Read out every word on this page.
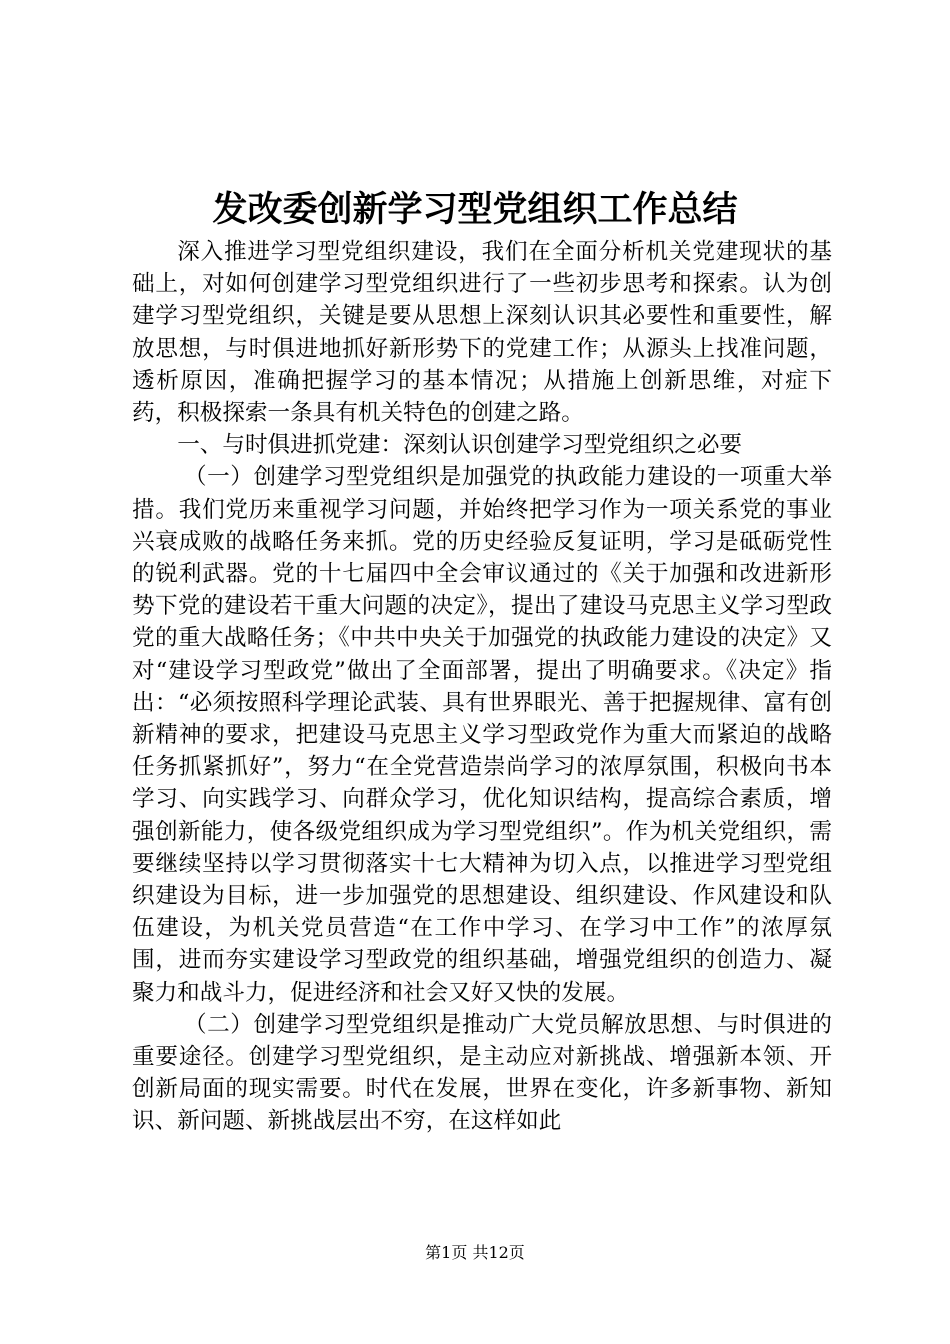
发改委创新学习型党组织工作总结

深入推进学习型党组织建设，我们在全面分析机关党建现状的基础上，对如何创建学习型党组织进行了一些初步思考和探索。认为创建学习型党组织，关键是要从思想上深刻认识其必要性和重要性，解放思想，与时俱进地抓好新形势下的党建工作；从源头上找准问题，透析原因，准确把握学习的基本情况；从措施上创新思维，对症下药，积极探索一条具有机关特色的创建之路。

一、与时俱进抓党建：深刻认识创建学习型党组织之必要

（一）创建学习型党组织是加强党的执政能力建设的一项重大举措。我们党历来重视学习问题，并始终把学习作为一项关系党的事业兴衰成败的战略任务来抓。党的历史经验反复证明，学习是砥砺党性的锐利武器。党的十七届四中全会审议通过的《关于加强和改进新形势下党的建设若干重大问题的决定》，提出了建设马克思主义学习型政党的重大战略任务；《中共中央关于加强党的执政能力建设的决定》又对“建设学习型政党”做出了全面部署，提出了明确要求。《决定》指出：“必须按照科学理论武装、具有世界眼光、善于把握规律、富有创新精神的要求，把建设马克思主义学习型政党作为重大而紧迫的战略任务抓紧抓好”，努力“在全党营造崇尚学习的浓厚氛围，积极向书本学习、向实践学习、向群众学习，优化知识结构，提高综合素质，增强创新能力，使各级党组织成为学习型党组织”。作为机关党组织，需要继续坚持以学习贯彻落实十七大精神为切入点，以推进学习型党组织建设为目标，进一步加强党的思想建设、组织建设、作风建设和队伍建设，为机关党员营造“在工作中学习、在学习中工作”的浓厚氛围，进而夯实建设学习型政党的组织基础，增强党组织的创造力、凝聚力和战斗力，促进经济和社会又好又快的发展。

（二）创建学习型党组织是推动广大党员解放思想、与时俱进的重要途径。创建学习型党组织，是主动应对新挑战、增强新本领、开创新局面的现实需要。时代在发展，世界在变化，许多新事物、新知识、新问题、新挑战层出不穷，在这样如此

第1页 共12页
